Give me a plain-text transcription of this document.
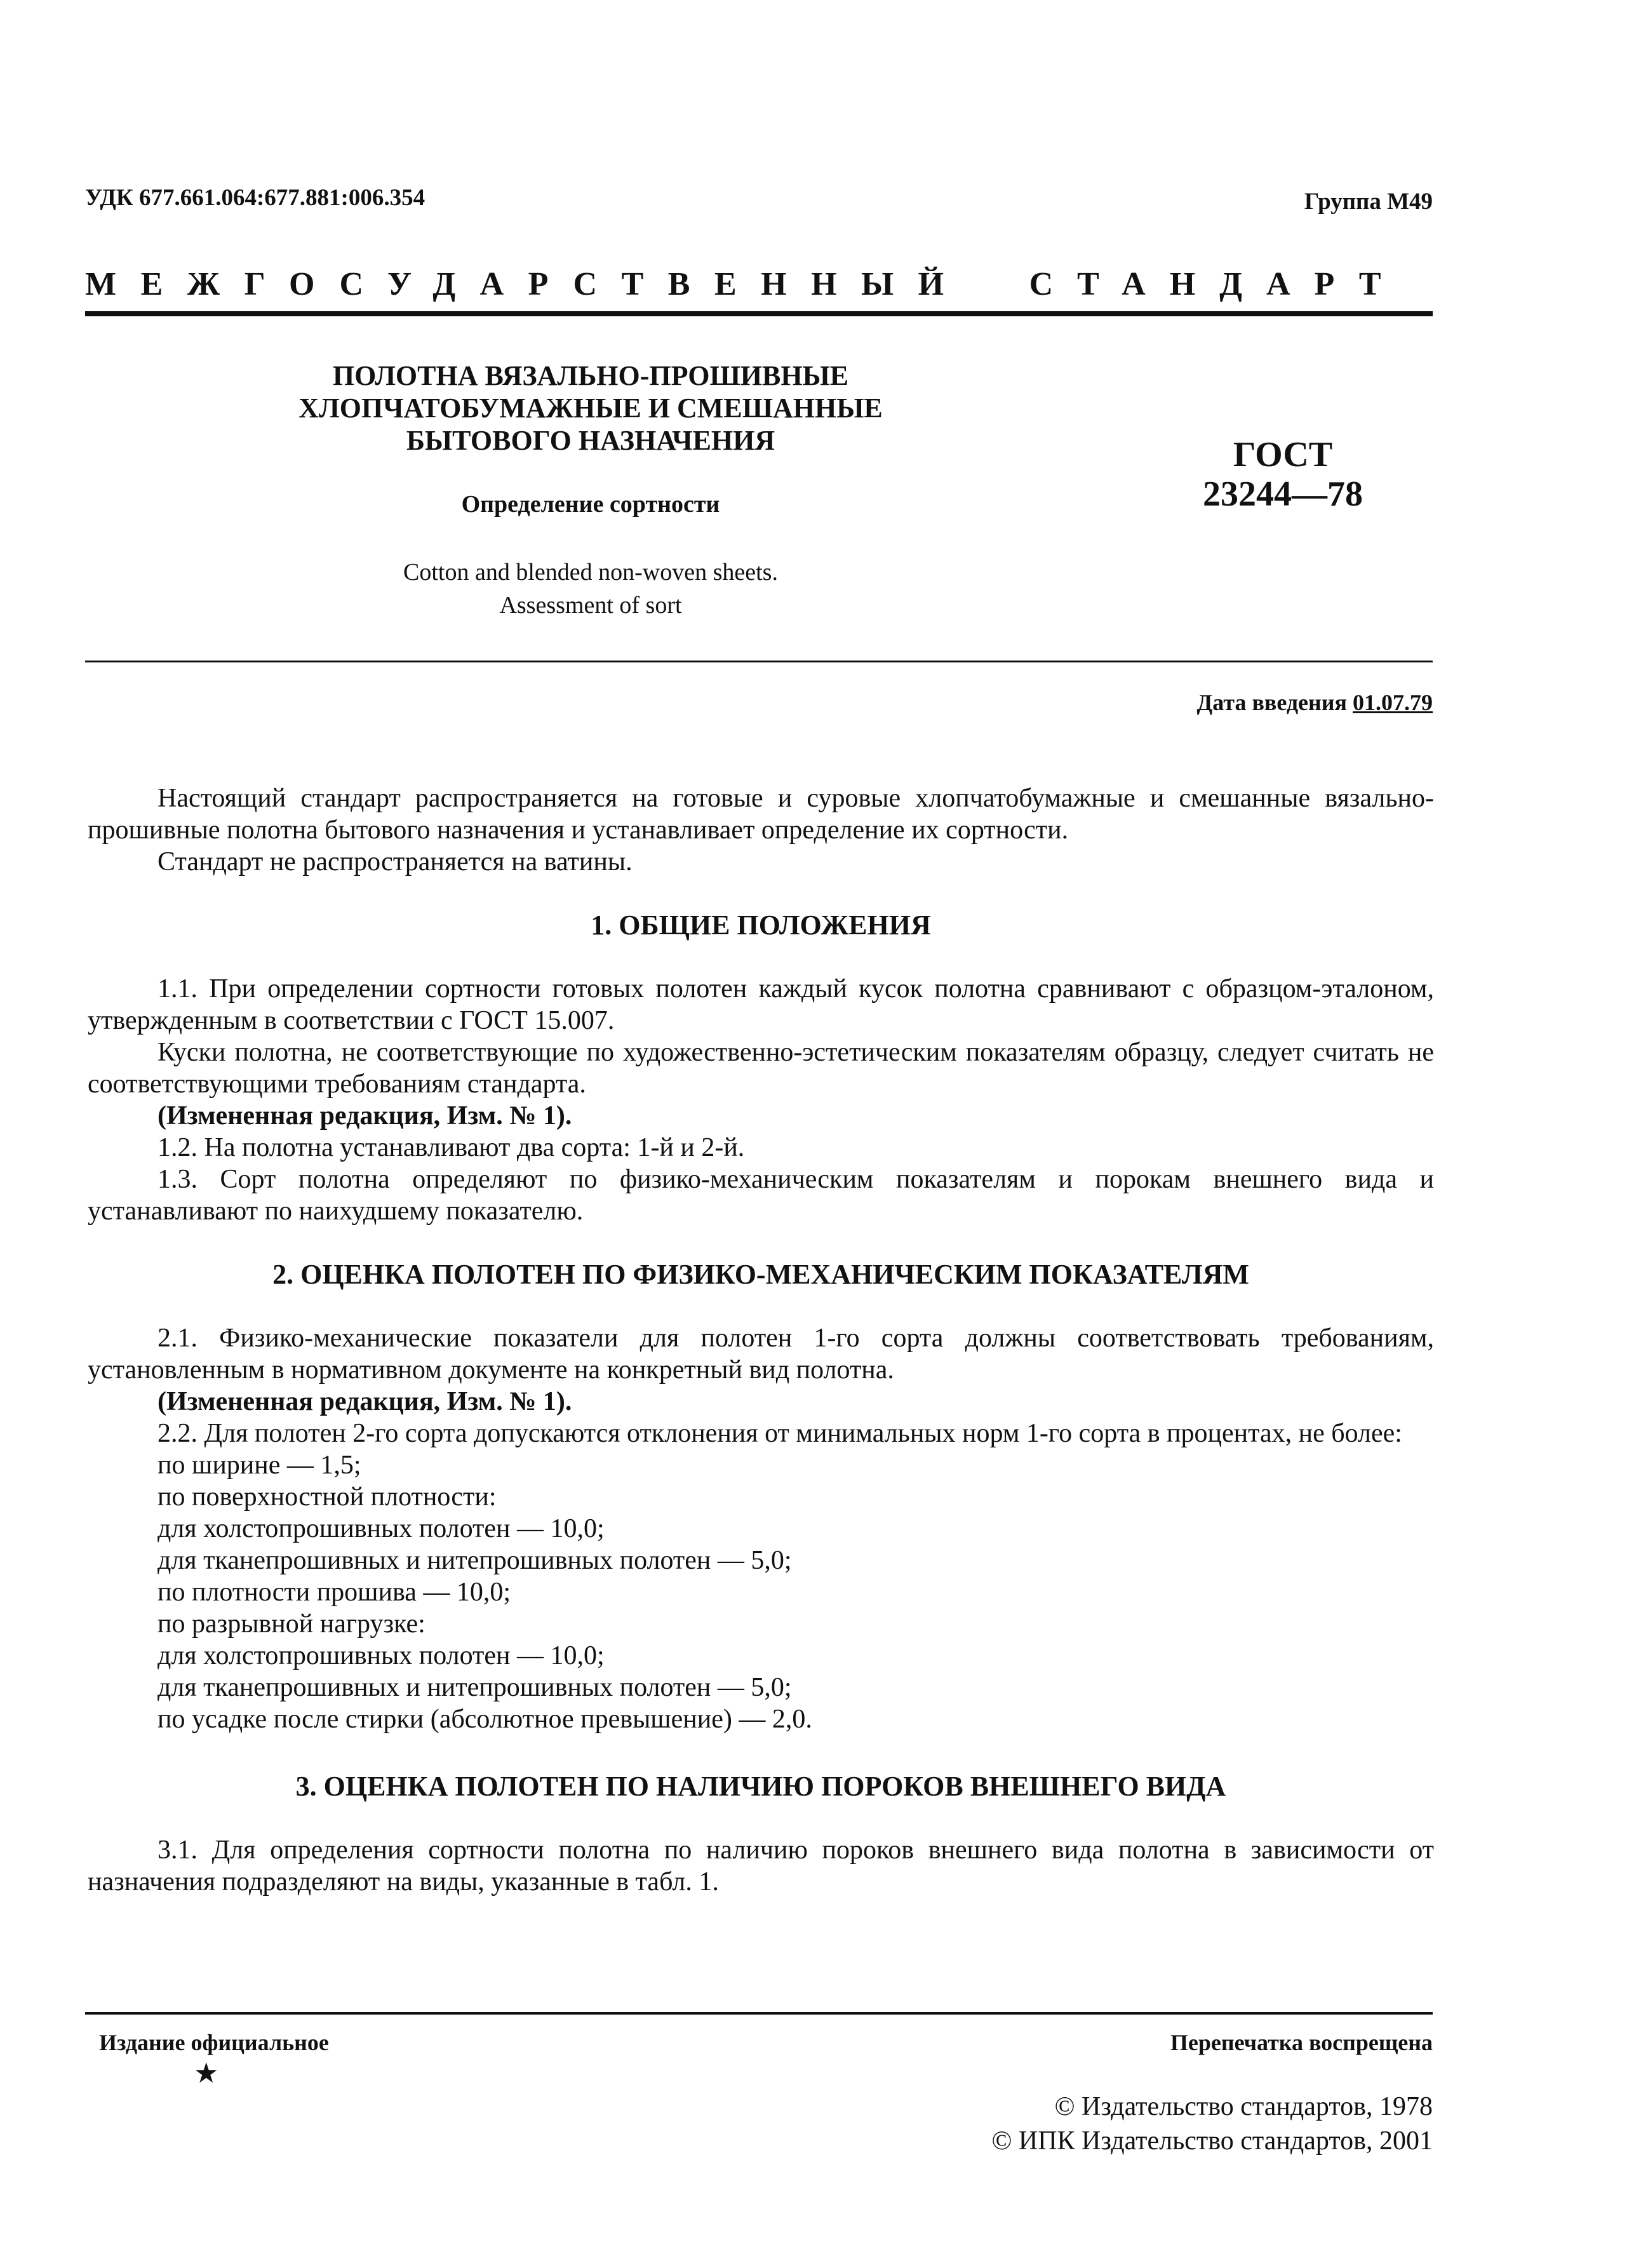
УДК 677.661.064:677.881:006.354	Группа М49
МЕЖГОСУДАРСТВЕННЫЙ СТАНДАРТ
ПОЛОТНА ВЯЗАЛЬНО-ПРОШИВНЫЕ
ХЛОПЧАТОБУМАЖНЫЕ И СМЕШАННЫЕ
БЫТОВОГО НАЗНАЧЕНИЯ
Определение сортности
Cotton and blended non-woven sheets.
Assessment of sort
ГОСТ
23244—78
Дата введения 01.07.79

Настоящий стандарт распространяется на готовые и суровые хлопчатобумажные и смешанные вязально-прошивные полотна бытового назначения и устанавливает определение их сортности.

Стандарт не распространяется на ватины.

1. ОБЩИЕ ПОЛОЖЕНИЯ

1.1. При определении сортности готовых полотен каждый кусок полотна сравнивают с образцом-эталоном, утвержденным в соответствии с ГОСТ 15.007.

Куски полотна, не соответствующие по художественно-эстетическим показателям образцу, следует считать не соответствующими требованиям стандарта.

(Измененная редакция, Изм. № 1).

1.2. На полотна устанавливают два сорта: 1-й и 2-й.

1.3. Сорт полотна определяют по физико-механическим показателям и порокам внешнего вида и устанавливают по наихудшему показателю.

2. ОЦЕНКА ПОЛОТЕН ПО ФИЗИКО-МЕХАНИЧЕСКИМ ПОКАЗАТЕЛЯМ

2.1. Физико-механические показатели для полотен 1-го сорта должны соответствовать требованиям, установленным в нормативном документе на конкретный вид полотна.

(Измененная редакция, Изм. № 1).

2.2. Для полотен 2-го сорта допускаются отклонения от минимальных норм 1-го сорта в процентах, не более:

по ширине — 1,5;

по поверхностной плотности:

для холстопрошивных полотен — 10,0;

для тканепрошивных и нитепрошивных полотен — 5,0;

по плотности прошива — 10,0;

по разрывной нагрузке:

для холстопрошивных полотен — 10,0;

для тканепрошивных и нитепрошивных полотен — 5,0;

по усадке после стирки (абсолютное превышение) — 2,0.

3. ОЦЕНКА ПОЛОТЕН ПО НАЛИЧИЮ ПОРОКОВ ВНЕШНЕГО ВИДА

3.1. Для определения сортности полотна по наличию пороков внешнего вида полотна в зависимости от назначения подразделяют на виды, указанные в табл. 1.

Издание официальное	Перепечатка воспрещена
★
© Издательство стандартов, 1978
© ИПК Издательство стандартов, 2001
